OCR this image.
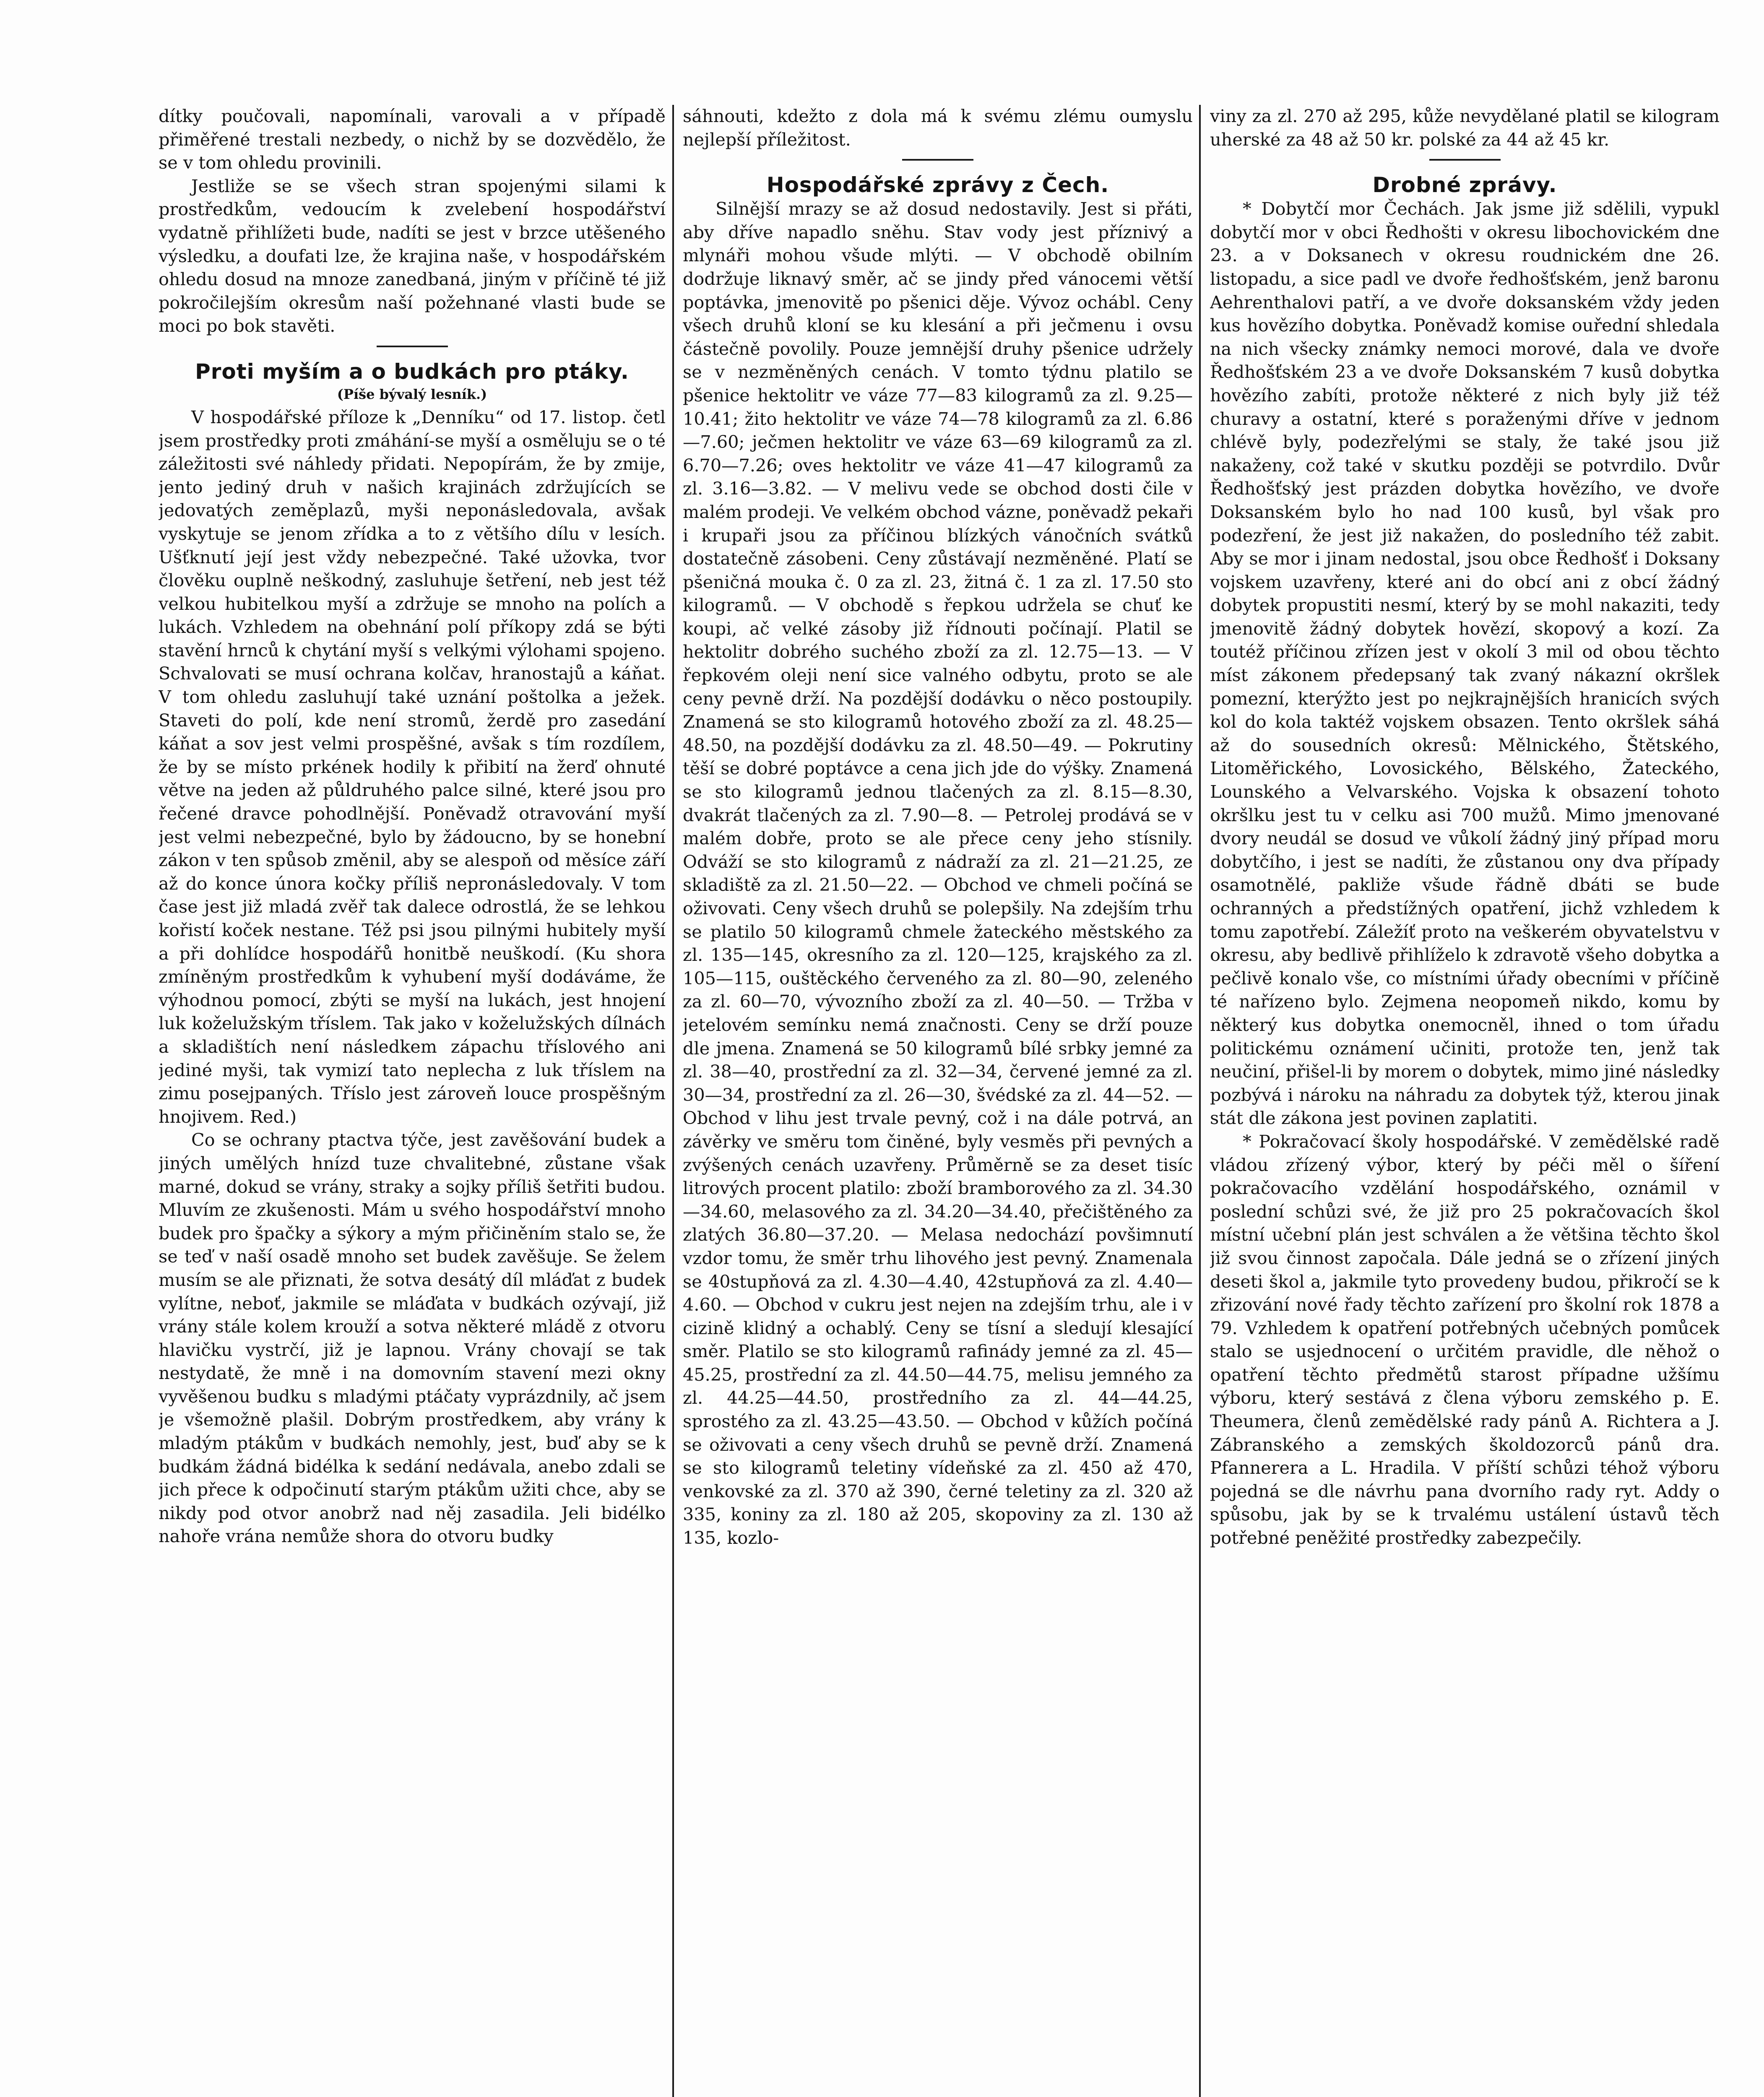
dítky poučovali, napomínali, varovali a v případě přiměřené trestali nezbedy, o nichž by se dozvědělo, že se v tom ohledu provinili.

Jestliže se se všech stran spojenými silami k prostředkům, vedoucím k zvelebení hospodářství vydatně přihlížeti bude, nadíti se jest v brzce utěšeného výsledku, a doufati lze, že krajina naše, v hospodářském ohledu dosud na mnoze zanedbaná, jiným v příčině té již pokročilejším okresům naší požehnané vlasti bude se moci po bok stavěti.

Proti myším a o budkách pro ptáky.
(Píše bývalý lesník.)

V hospodářské příloze k „Denníku“ od 17. listop. četl jsem prostředky proti zmáhání-se myší a osměluju se o té záležitosti své náhledy přidati. Nepopírám, že by zmije, jento jediný druh v našich krajinách zdržujících se jedovatých zeměplazů, myši neponásledovala, avšak vyskytuje se jenom zřídka a to z většího dílu v lesích. Ušťknutí její jest vždy nebezpečné. Také užovka, tvor člověku ouplně neškodný, zasluhuje šetření, neb jest též velkou hubitelkou myší a zdržuje se mnoho na polích a lukách. Vzhledem na obehnání polí příkopy zdá se býti stavění hrnců k chytání myší s velkými výlohami spojeno. Schvalovati se musí ochrana kolčav, hranostajů a káňat. V tom ohledu zasluhují také uznání poštolka a ježek. Staveti do polí, kde není stromů, žerdě pro zasedání káňat a sov jest velmi prospěšné, avšak s tím rozdílem, že by se místo prkének hodily k přibití na žerď ohnuté větve na jeden až půldruhého palce silné, které jsou pro řečené dravce pohodlnější. Poněvadž otravování myší jest velmi nebezpečné, bylo by žádoucno, by se honební zákon v ten spůsob změnil, aby se alespoň od měsíce září až do konce února kočky příliš nepronásledovaly. V tom čase jest již mladá zvěř tak dalece odrostlá, že se lehkou kořistí koček nestane. Též psi jsou pilnými hubitely myší a při dohlídce hospodářů honitbě neuškodí. (Ku shora zmíněným prostředkům k vyhubení myší dodáváme, že výhodnou pomocí, zbýti se myší na lukách, jest hnojení luk koželužským tříslem. Tak jako v koželužských dílnách a skladištích není následkem zápachu tříslového ani jediné myši, tak vymizí tato neplecha z luk tříslem na zimu posejpaných. Tříslo jest zároveň louce prospěšným hnojivem. Red.)

Co se ochrany ptactva týče, jest zavěšování budek a jiných umělých hnízd tuze chvalitebné, zůstane však marné, dokud se vrány, straky a sojky příliš šetřiti budou. Mluvím ze zkušenosti. Mám u svého hospodářství mnoho budek pro špačky a sýkory a mým přičiněním stalo se, že se teď v naší osadě mnoho set budek zavěšuje. Se želem musím se ale přiznati, že sotva desátý díl mláďat z budek vylítne, neboť, jakmile se mláďata v budkách ozývají, již vrány stále kolem krouží a sotva některé mládě z otvoru hlavičku vystrčí, již je lapnou. Vrány chovají se tak nestydatě, že mně i na domovním stavení mezi okny vyvěšenou budku s mladými ptáčaty vyprázdnily, ač jsem je všemožně plašil. Dobrým prostředkem, aby vrány k mladým ptákům v budkách nemohly, jest, buď aby se k budkám žádná bidélka k sedání nedávala, anebo zdali se jich přece k odpočinutí starým ptákům užiti chce, aby se nikdy pod otvor anobrž nad něj zasadila. Jeli bidélko nahoře vrána nemůže shora do otvoru budky

sáhnouti, kdežto z dola má k svému zlému oumyslu nejlepší příležitost.

Hospodářské zprávy z Čech.

Silnější mrazy se až dosud nedostavily. Jest si přáti, aby dříve napadlo sněhu. Stav vody jest příznivý a mlynáři mohou všude mlýti. — V obchodě obilním dodržuje liknavý směr, ač se jindy před vánocemi větší poptávka, jmenovitě po pšenici děje. Vývoz ochábl. Ceny všech druhů kloní se ku klesání a při ječmenu i ovsu částečně povolily. Pouze jemnější druhy pšenice udržely se v nezměněných cenách. V tomto týdnu platilo se pšenice hektolitr ve váze 77—83 kilogramů za zl. 9.25—10.41; žito hektolitr ve váze 74—78 kilogramů za zl. 6.86—7.60; ječmen hektolitr ve váze 63—69 kilogramů za zl. 6.70—7.26; oves hektolitr ve váze 41—47 kilogramů za zl. 3.16—3.82. — V melivu vede se obchod dosti čile v malém prodeji. Ve velkém obchod vázne, poněvadž pekaři i krupaři jsou za příčinou blízkých vánočních svátků dostatečně zásobeni. Ceny zůstávají nezměněné. Platí se pšeničná mouka č. 0 za zl. 23, žitná č. 1 za zl. 17.50 sto kilogramů. — V obchodě s řepkou udržela se chuť ke koupi, ač velké zásoby již řídnouti počínají. Platil se hektolitr dobrého suchého zboží za zl. 12.75—13. — V řepkovém oleji není sice valného odbytu, proto se ale ceny pevně drží. Na pozdější dodávku o něco postoupily. Znamená se sto kilogramů hotového zboží za zl. 48.25—48.50, na pozdější dodávku za zl. 48.50—49. — Pokrutiny těší se dobré poptávce a cena jich jde do výšky. Znamená se sto kilogramů jednou tlačených za zl. 8.15—8.30, dvakrát tlačených za zl. 7.90—8. — Petrolej prodává se v malém dobře, proto se ale přece ceny jeho stísnily. Odváží se sto kilogramů z nádraží za zl. 21—21.25, ze skladiště za zl. 21.50—22. — Obchod ve chmeli počíná se oživovati. Ceny všech druhů se polepšily. Na zdejším trhu se platilo 50 kilogramů chmele žateckého městského za zl. 135—145, okresního za zl. 120—125, krajského za zl. 105—115, ouštěckého červeného za zl. 80—90, zeleného za zl. 60—70, vývozního zboží za zl. 40—50. — Tržba v jetelovém semínku nemá značnosti. Ceny se drží pouze dle jmena. Znamená se 50 kilogramů bílé srbky jemné za zl. 38—40, prostřední za zl. 32—34, červené jemné za zl. 30—34, prostřední za zl. 26—30, švédské za zl. 44—52. — Obchod v lihu jest trvale pevný, což i na dále potrvá, an závěrky ve směru tom činěné, byly vesměs při pevných a zvýšených cenách uzavřeny. Průměrně se za deset tisíc litrových procent platilo: zboží bramborového za zl. 34.30—34.60, melasového za zl. 34.20—34.40, přečištěného za zlatých 36.80—37.20. — Melasa nedochází povšimnutí vzdor tomu, že směr trhu lihového jest pevný. Znamenala se 40stupňová za zl. 4.30—4.40, 42stupňová za zl. 4.40—4.60. — Obchod v cukru jest nejen na zdejším trhu, ale i v cizině klidný a ochablý. Ceny se tísní a sledují klesající směr. Platilo se sto kilogramů rafinády jemné za zl. 45—45.25, prostřední za zl. 44.50—44.75, melisu jemného za zl. 44.25—44.50, prostředního za zl. 44—44.25, sprostého za zl. 43.25—43.50. — Obchod v kůžích počíná se oživovati a ceny všech druhů se pevně drží. Znamená se sto kilogramů teletiny vídeňské za zl. 450 až 470, venkovské za zl. 370 až 390, černé teletiny za zl. 320 až 335, koniny za zl. 180 až 205, skopoviny za zl. 130 až 135, kozlo-

viny za zl. 270 až 295, kůže nevydělané platil se kilogram uherské za 48 až 50 kr. polské za 44 až 45 kr.

Drobné zprávy.

* Dobytčí mor Čechách. Jak jsme již sdělili, vypukl dobytčí mor v obci Ředhošti v okresu libochovickém dne 23. a v Doksanech v okresu roudnickém dne 26. listopadu, a sice padl ve dvoře ředhošťském, jenž baronu Aehrenthalovi patří, a ve dvoře doksanském vždy jeden kus hovězího dobytka. Poněvadž komise ouřední shledala na nich všecky známky nemoci morové, dala ve dvoře Ředhošťském 23 a ve dvoře Doksanském 7 kusů dobytka hovězího zabíti, protože některé z nich byly již též churavy a ostatní, které s poraženými dříve v jednom chlévě byly, podezřelými se staly, že také jsou již nakaženy, což také v skutku později se potvrdilo. Dvůr Ředhošťský jest prázden dobytka hovězího, ve dvoře Doksanském bylo ho nad 100 kusů, byl však pro podezření, že jest již nakažen, do posledního též zabit. Aby se mor i jinam nedostal, jsou obce Ředhošť i Doksany vojskem uzavřeny, které ani do obcí ani z obcí žádný dobytek propustiti nesmí, který by se mohl nakaziti, tedy jmenovitě žádný dobytek hovězí, skopový a kozí. Za toutéž příčinou zřízen jest v okolí 3 mil od obou těchto míst zákonem předepsaný tak zvaný nákazní okršlek pomezní, kterýžto jest po nejkrajnějších hranicích svých kol do kola taktéž vojskem obsazen. Tento okršlek sáhá až do sousedních okresů: Mělnického, Štětského, Litoměřického, Lovosického, Bělského, Žateckého, Lounského a Velvarského. Vojska k obsazení tohoto okršlku jest tu v celku asi 700 mužů. Mimo jmenované dvory neudál se dosud ve vůkolí žádný jiný případ moru dobytčího, i jest se nadíti, že zůstanou ony dva případy osamotnělé, pakliže všude řádně dbáti se bude ochranných a předstížných opatření, jichž vzhledem k tomu zapotřebí. Záležíť proto na veškerém obyvatelstvu v okresu, aby bedlivě přihlíželo k zdravotě všeho dobytka a pečlivě konalo vše, co místními úřady obecními v příčině té nařízeno bylo. Zejmena neopomeň nikdo, komu by některý kus dobytka onemocněl, ihned o tom úřadu politickému oznámení učiniti, protože ten, jenž tak neučiní, přišel-li by morem o dobytek, mimo jiné následky pozbývá i nároku na náhradu za dobytek týž, kterou jinak stát dle zákona jest povinen zaplatiti.

* Pokračovací školy hospodářské. V zemědělské radě vládou zřízený výbor, který by péči měl o šíření pokračovacího vzdělání hospodářského, oznámil v poslední schůzi své, že již pro 25 pokračovacích škol místní učební plán jest schválen a že většina těchto škol již svou činnost započala. Dále jedná se o zřízení jiných deseti škol a, jakmile tyto provedeny budou, přikročí se k zřizování nové řady těchto zařízení pro školní rok 1878 a 79. Vzhledem k opatření potřebných učebných pomůcek stalo se usjednocení o určitém pravidle, dle něhož o opatření těchto předmětů starost případne užšímu výboru, který sestává z člena výboru zemského p. E. Theumera, členů zemědělské rady pánů A. Richtera a J. Zábranského a zemských školdozorců pánů drа. Pfannerera a L. Hradila. V příští schůzi téhož výboru pojedná se dle návrhu pana dvorního rady ryt. Addy o spůsobu, jak by se k trvalému ustálení ústavů těch potřebné peněžité prostředky zabezpečily.
